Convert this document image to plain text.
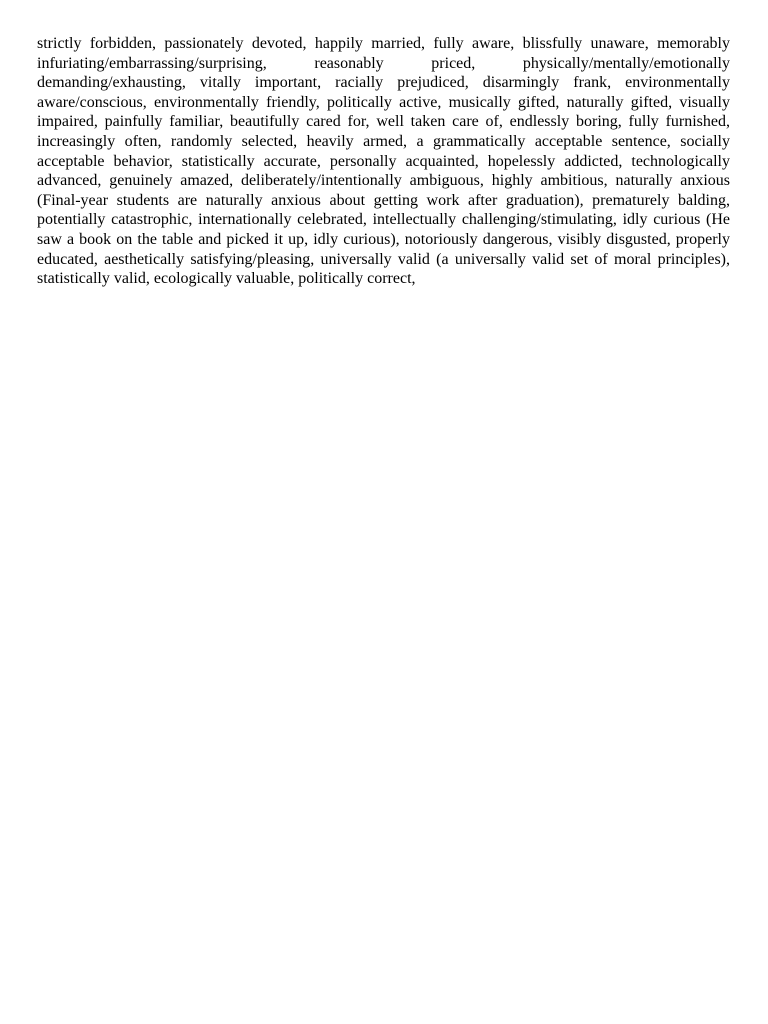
strictly forbidden, passionately devoted, happily married, fully aware, blissfully unaware, memorably infuriating/embarrassing/surprising, reasonably priced, physically/mentally/emotionally demanding/exhausting, vitally important, racially prejudiced, disarmingly frank, environmentally aware/conscious, environmentally friendly, politically active, musically gifted, naturally gifted, visually impaired, painfully familiar, beautifully cared for, well taken care of, endlessly boring, fully furnished, increasingly often, randomly selected, heavily armed, a grammatically acceptable sentence, socially acceptable behavior, statistically accurate, personally acquainted, hopelessly addicted, technologically advanced, genuinely amazed, deliberately/intentionally ambiguous, highly ambitious, naturally anxious (Final-year students are naturally anxious about getting work after graduation), prematurely balding, potentially catastrophic, internationally celebrated, intellectually challenging/stimulating, idly curious (He saw a book on the table and picked it up, idly curious), notoriously dangerous, visibly disgusted, properly educated, aesthetically satisfying/pleasing, universally valid (a universally valid set of moral principles), statistically valid, ecologically valuable, politically correct,
